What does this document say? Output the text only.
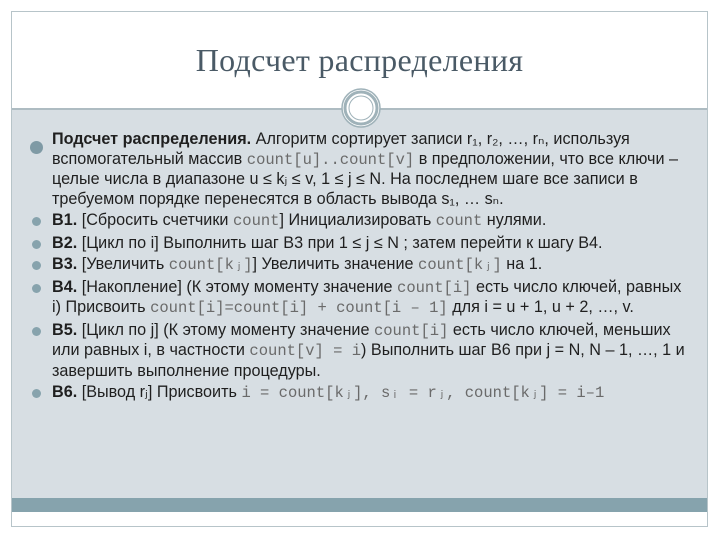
Подсчет распределения
Подсчет распределения. Алгоритм сортирует записи r₁, r₂, …, rₙ, используя вспомогательный массив count[u]..count[v] в предположении, что все ключи – целые числа в диапазоне u ≤ kⱼ ≤ v, 1 ≤ j ≤ N. На последнем шаге все записи в требуемом порядке перенесятся в область вывода s₁, … sₙ.
В1. [Сбросить счетчики count] Инициализировать count нулями.
В2. [Цикл по i] Выполнить шаг В3 при 1 ≤ j ≤ N ; затем перейти к шагу В4.
В3. [Увеличить count[kⱼ]] Увеличить значение count[kⱼ] на 1.
В4. [Накопление] (К этому моменту значение count[i] есть число ключей, равных i) Присвоить count[i]=count[i] + count[i – 1] для i = u + 1, u + 2, …, v.
В5. [Цикл по j] (К этому моменту значение count[i] есть число ключей, меньших или равных i, в частности count[v] = i) Выполнить шаг В6 при j = N, N – 1, …, 1 и завершить выполнение процедуры.
В6. [Вывод rⱼ] Присвоить i = count[kⱼ], sᵢ = rⱼ, count[kⱼ] = i–1
